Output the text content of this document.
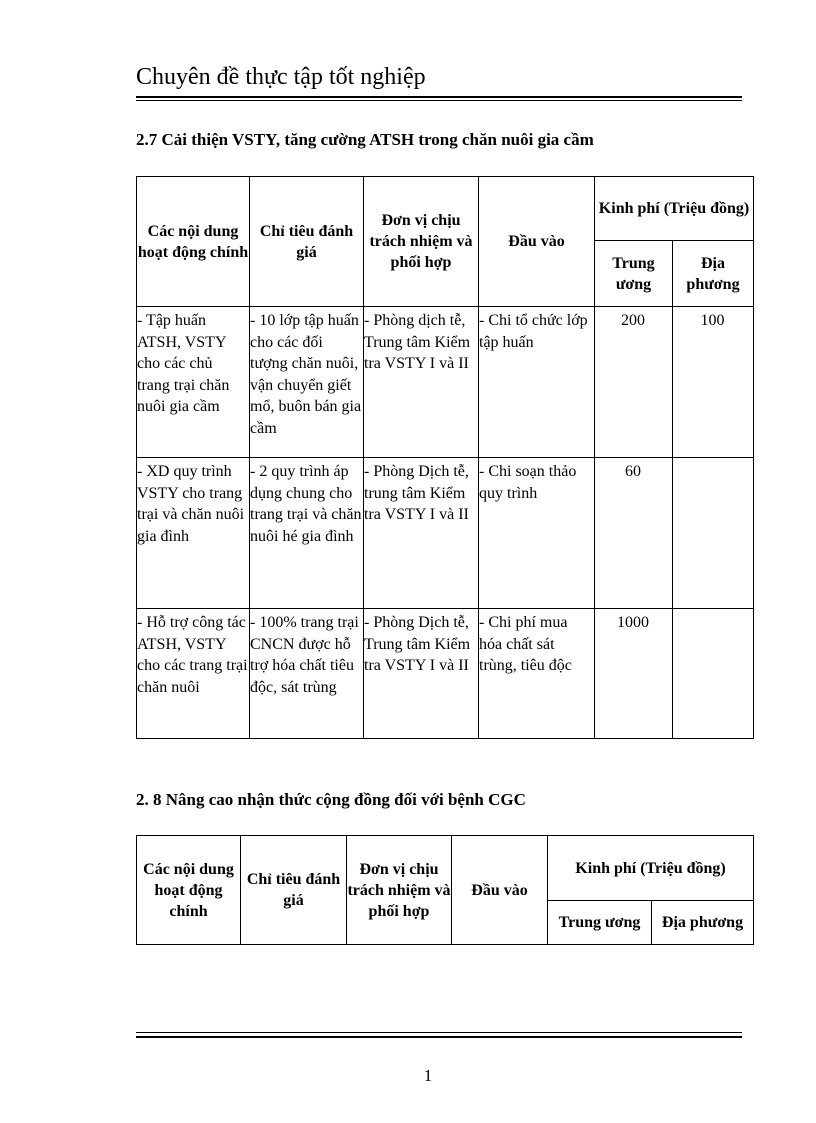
Chuyên đề thực tập tốt nghiệp
2.7 Cải thiện VSTY, tăng cường ATSH trong chăn nuôi gia cầm
Các nội dung hoạt động chính	Chỉ tiêu đánh giá	Đơn vị chịu trách nhiệm và phối hợp	Đầu vào	Kinh phí (Triệu đồng)	
				Trung ương	Địa phương
- Tập huấn ATSH, VSTY cho các chủ trang trại chăn nuôi gia cầm	- 10 lớp tập huấn cho các đối tượng chăn nuôi, vận chuyển giết mổ, buôn bán gia cầm	- Phòng dịch tễ, Trung tâm Kiểm tra VSTY I và II	- Chi tổ chức lớp tập huấn	200	100
- XD quy trình VSTY cho trang trại và chăn nuôi gia đình	- 2 quy trình áp dụng chung cho trang trại và chăn nuôi hé gia đình	- Phòng Dịch tễ, trung tâm Kiểm tra VSTY I và II	- Chi soạn thảo quy trình	60	
- Hỗ trợ công tác ATSH, VSTY cho các trang trại chăn nuôi	- 100% trang trại CNCN được hỗ trợ hóa chất tiêu độc, sát trùng	- Phòng Dịch tễ, Trung tâm Kiểm tra VSTY I và II	- Chi phí mua hóa chất sát trùng, tiêu độc	1000	
2. 8 Nâng cao nhận thức cộng đồng đối với bệnh CGC
Các nội dung hoạt động chính	Chỉ tiêu đánh giá	Đơn vị chịu trách nhiệm và phối hợp	Đầu vào	Kinh phí (Triệu đồng)	
				Trung ương	Địa phương
1
